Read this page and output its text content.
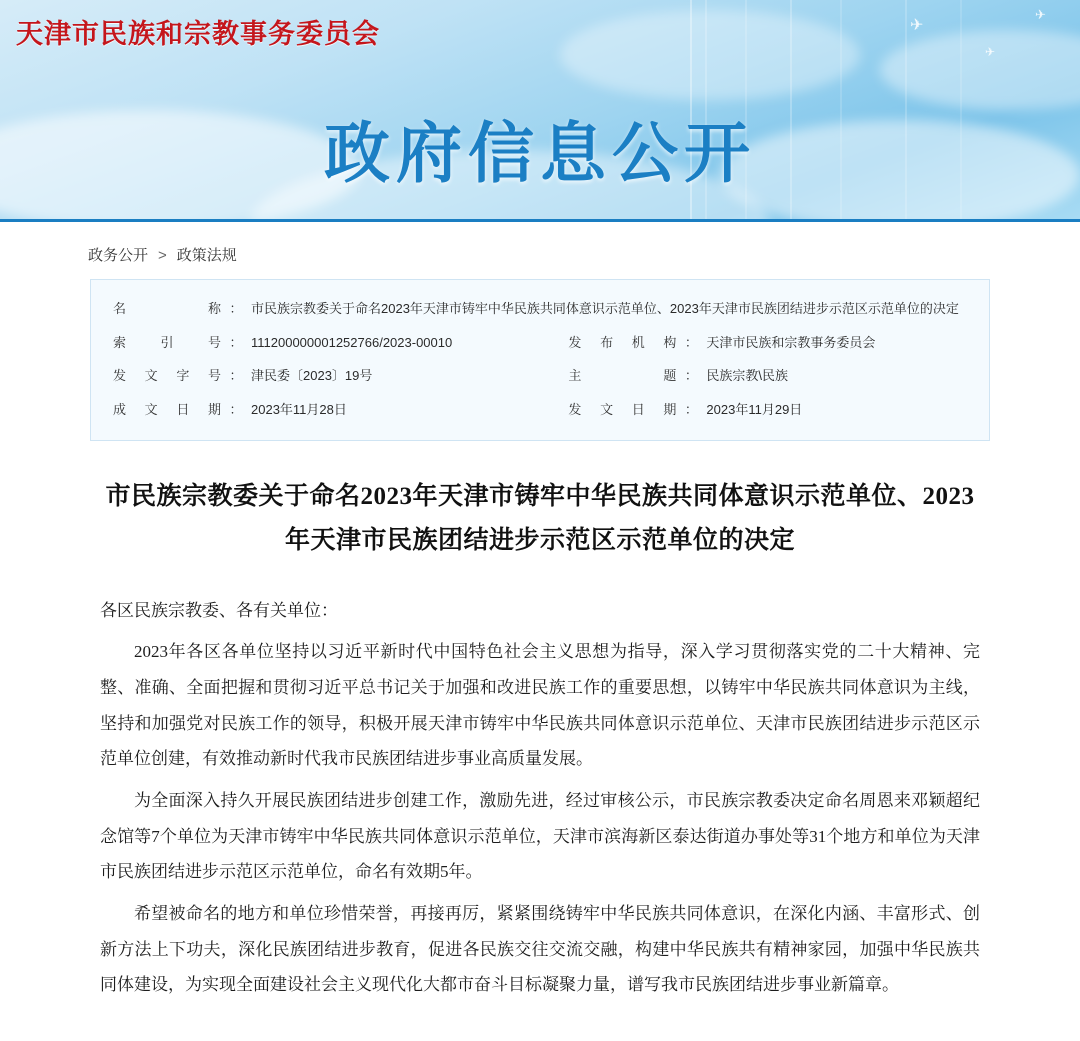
✈
✈
✈
天津市民族和宗教事务委员会
政府信息公开
政务公开 > 政策法规
名称	：	市民族宗教委关于命名2023年天津市铸牢中华民族共同体意识示范单位、2023年天津市民族团结进步示范区示范单位的决定			
索引号	：	111200000001252766/2023-00010	发布机构	：	天津市民族和宗教事务委员会
发文字号	：	津民委〔2023〕19号	主题	：	民族宗教\民族
成文日期	：	2023年11月28日	发文日期	：	2023年11月29日
市民族宗教委关于命名2023年天津市铸牢中华民族共同体意识示范单位、2023年天津市民族团结进步示范区示范单位的决定

各区民族宗教委、各有关单位：

2023年各区各单位坚持以习近平新时代中国特色社会主义思想为指导，深入学习贯彻落实党的二十大精神、完整、准确、全面把握和贯彻习近平总书记关于加强和改进民族工作的重要思想，以铸牢中华民族共同体意识为主线，坚持和加强党对民族工作的领导，积极开展天津市铸牢中华民族共同体意识示范单位、天津市民族团结进步示范区示范单位创建，有效推动新时代我市民族团结进步事业高质量发展。

为全面深入持久开展民族团结进步创建工作，激励先进，经过审核公示，市民族宗教委决定命名周恩来邓颖超纪念馆等7个单位为天津市铸牢中华民族共同体意识示范单位，天津市滨海新区泰达街道办事处等31个地方和单位为天津市民族团结进步示范区示范单位，命名有效期5年。

希望被命名的地方和单位珍惜荣誉，再接再厉，紧紧围绕铸牢中华民族共同体意识，在深化内涵、丰富形式、创新方法上下功夫，深化民族团结进步教育，促进各民族交往交流交融，构建中华民族共有精神家园，加强中华民族共同体建设，为实现全面建设社会主义现代化大都市奋斗目标凝聚力量，谱写我市民族团结进步事业新篇章。
